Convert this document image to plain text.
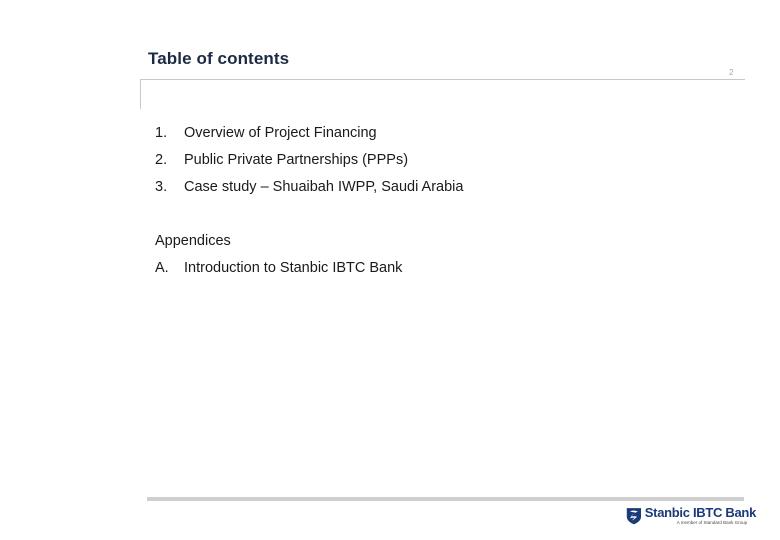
Table of contents
2
1.	Overview of Project Financing
2.	Public Private Partnerships (PPPs)
3.	Case study – Shuaibah IWPP, Saudi Arabia
Appendices
A.	Introduction to Stanbic IBTC Bank
Stanbic IBTC Bank
A member of Standard Bank Group
